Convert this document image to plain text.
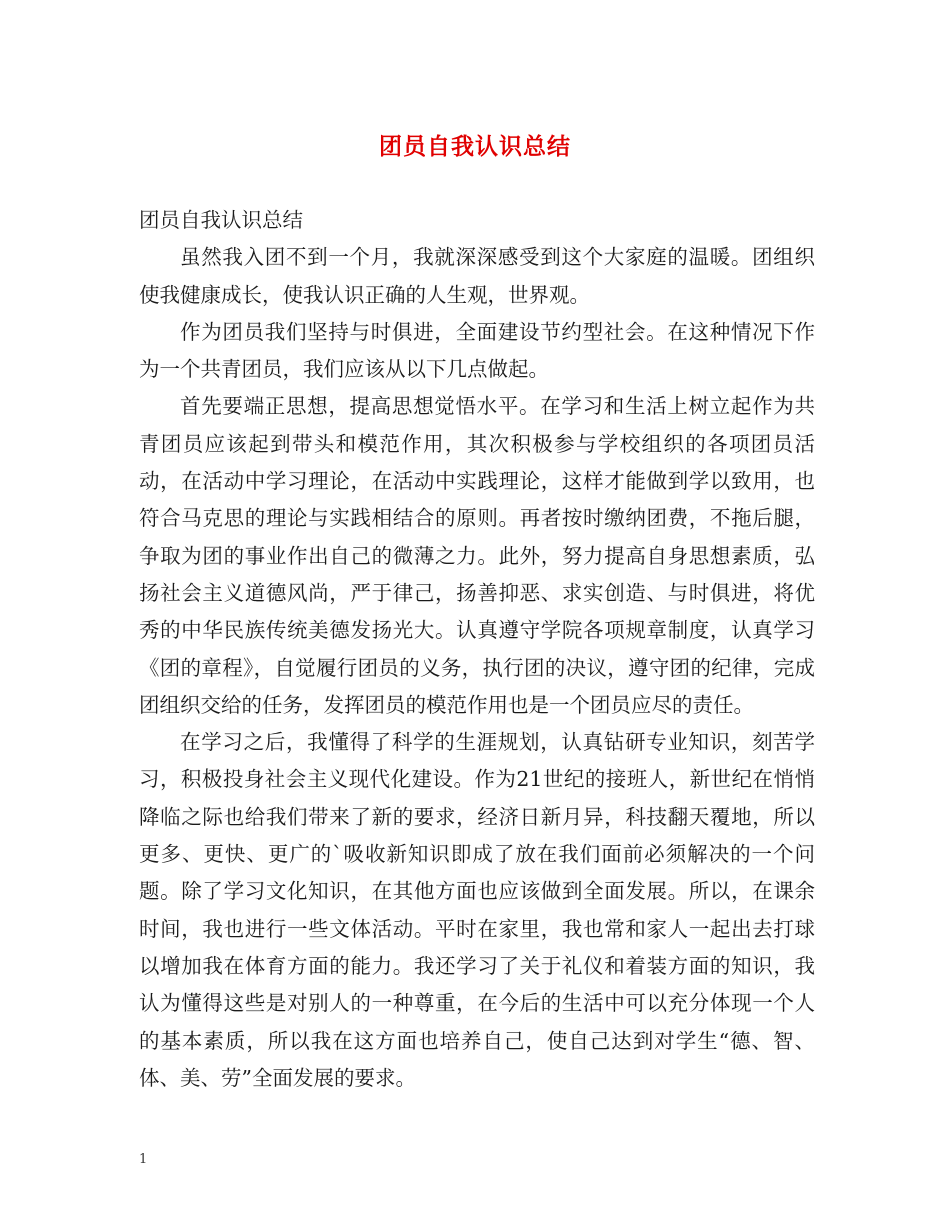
团员自我认识总结

团员自我认识总结

虽然我入团不到一个月，我就深深感受到这个大家庭的温暖。团组织使我健康成长，使我认识正确的人生观，世界观。

作为团员我们坚持与时俱进，全面建设节约型社会。在这种情况下作为一个共青团员，我们应该从以下几点做起。

首先要端正思想，提高思想觉悟水平。在学习和生活上树立起作为共青团员应该起到带头和模范作用，其次积极参与学校组织的各项团员活动，在活动中学习理论，在活动中实践理论，这样才能做到学以致用，也符合马克思的理论与实践相结合的原则。再者按时缴纳团费，不拖后腿，争取为团的事业作出自己的微薄之力。此外，努力提高自身思想素质，弘扬社会主义道德风尚，严于律己，扬善抑恶、求实创造、与时俱进，将优秀的中华民族传统美德发扬光大。认真遵守学院各项规章制度，认真学习《团的章程》，自觉履行团员的义务，执行团的决议，遵守团的纪律，完成团组织交给的任务，发挥团员的模范作用也是一个团员应尽的责任。

在学习之后，我懂得了科学的生涯规划，认真钻研专业知识，刻苦学习，积极投身社会主义现代化建设。作为21世纪的接班人，新世纪在悄悄降临之际也给我们带来了新的要求，经济日新月异，科技翻天覆地，所以更多、更快、更广的`吸收新知识即成了放在我们面前必须解决的一个问题。除了学习文化知识，在其他方面也应该做到全面发展。所以，在课余时间，我也进行一些文体活动。平时在家里，我也常和家人一起出去打球以增加我在体育方面的能力。我还学习了关于礼仪和着装方面的知识，我认为懂得这些是对别人的一种尊重，在今后的生活中可以充分体现一个人的基本素质，所以我在这方面也培养自己，使自己达到对学生“德、智、体、美、劳”全面发展的要求。

1
